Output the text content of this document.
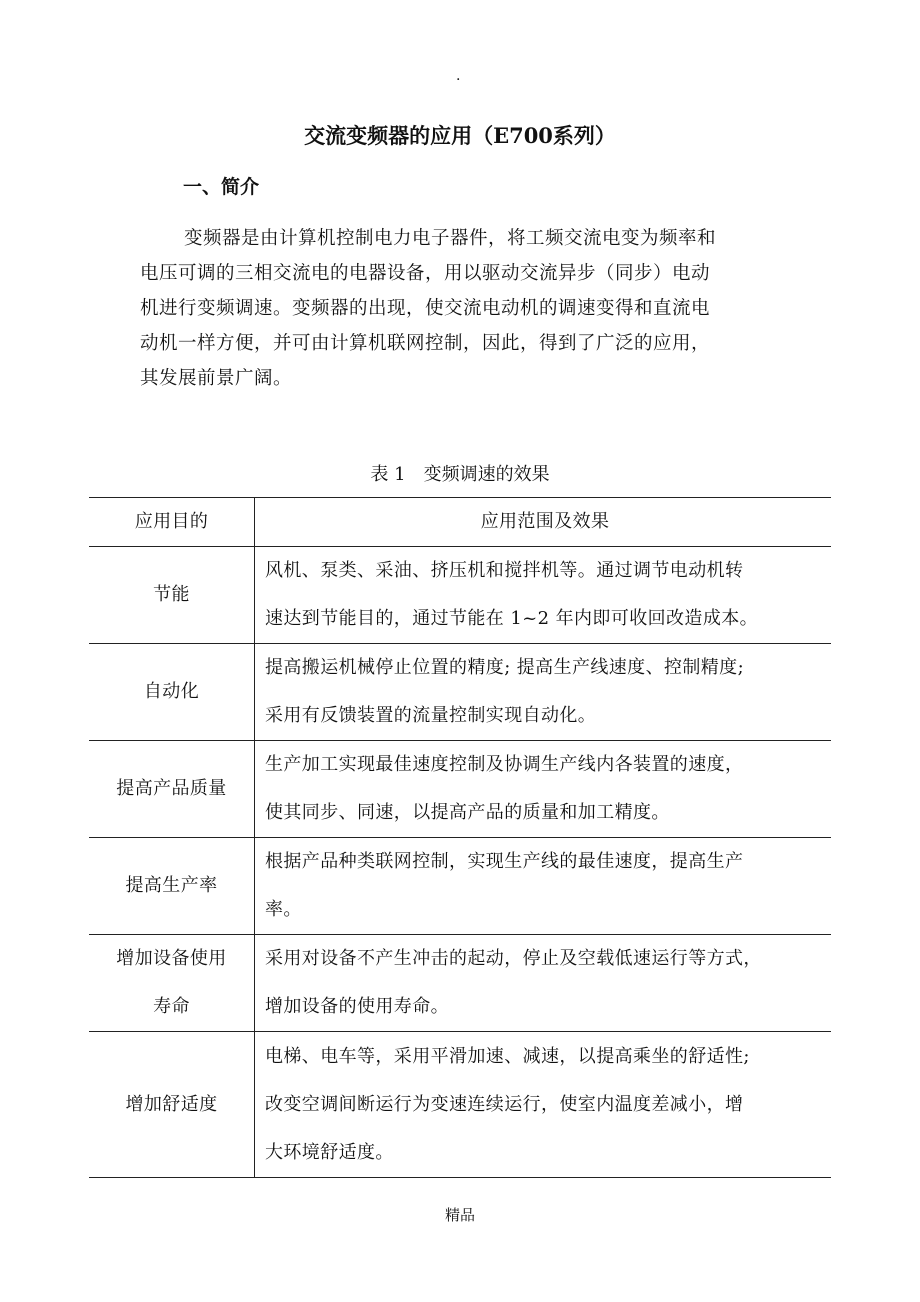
.
交流变频器的应用（E700系列）
一、简介
变频器是由计算机控制电力电子器件，将工频交流电变为频率和
电压可调的三相交流电的电器设备，用以驱动交流异步（同步）电动
机进行变频调速。变频器的出现，使交流电动机的调速变得和直流电
动机一样方便，并可由计算机联网控制，因此，得到了广泛的应用，
其发展前景广阔。
表 1　变频调速的效果
应用目的	应用范围及效果

节能	风机、泵类、采油、挤压机和搅拌机等。通过调节电动机转
速达到节能目的，通过节能在 1~2 年内即可收回改造成本。

自动化	提高搬运机械停止位置的精度; 提高生产线速度、控制精度;
采用有反馈装置的流量控制实现自动化。

提高产品质量	生产加工实现最佳速度控制及协调生产线内各装置的速度，
使其同步、同速，以提高产品的质量和加工精度。

提高生产率	根据产品种类联网控制，实现生产线的最佳速度，提高生产
率。

增加设备使用
寿命	采用对设备不产生冲击的起动，停止及空载低速运行等方式，
增加设备的使用寿命。

增加舒适度	电梯、电车等，采用平滑加速、减速，以提高乘坐的舒适性;
改变空调间断运行为变速连续运行，使室内温度差减小，增
大环境舒适度。
精品
